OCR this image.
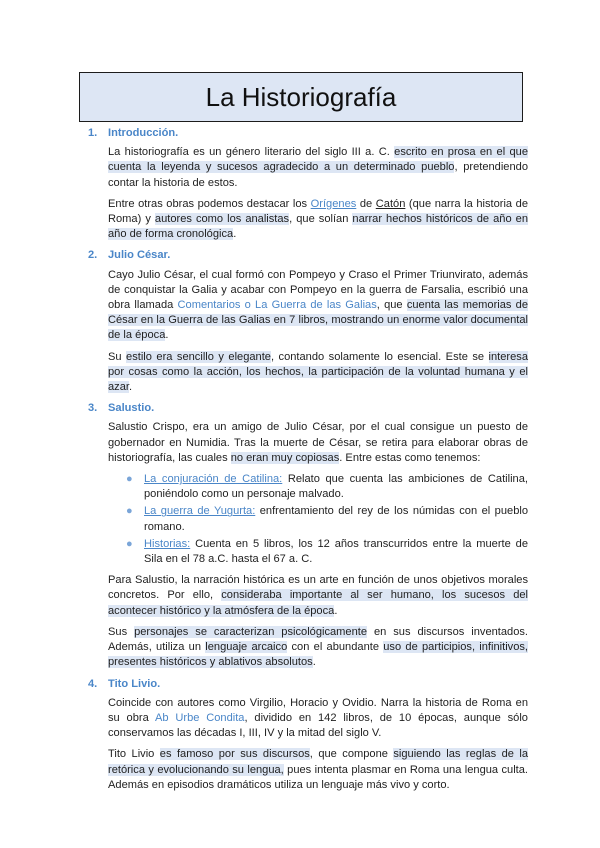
La Historiografía
1. Introducción.

La historiografía es un género literario del siglo III a. C. escrito en prosa en el que cuenta la leyenda y sucesos agradecido a un determinado pueblo, pretendiendo contar la historia de estos.

Entre otras obras podemos destacar los Orígenes de Catón (que narra la historia de Roma) y autores como los analistas, que solían narrar hechos históricos de año en año de forma cronológica.

2. Julio César.

Cayo Julio César, el cual formó con Pompeyo y Craso el Primer Triunvirato, además de conquistar la Galia y acabar con Pompeyo en la guerra de Farsalia, escribió una obra llamada Comentarios o La Guerra de las Galias, que cuenta las memorias de César en la Guerra de las Galias en 7 libros, mostrando un enorme valor documental de la época.

Su estilo era sencillo y elegante, contando solamente lo esencial. Este se interesa por cosas como la acción, los hechos, la participación de la voluntad humana y el azar.

3. Salustio.

Salustio Crispo, era un amigo de Julio César, por el cual consigue un puesto de gobernador en Numidia. Tras la muerte de César, se retira para elaborar obras de historiografía, las cuales no eran muy copiosas. Entre estas como tenemos:

● La conjuración de Catilina: Relato que cuenta las ambiciones de Catilina, poniéndolo como un personaje malvado.
● La guerra de Yugurta: enfrentamiento del rey de los númidas con el pueblo romano.
● Historias: Cuenta en 5 libros, los 12 años transcurridos entre la muerte de Sila en el 78 a.C. hasta el 67 a. C.

Para Salustio, la narración histórica es un arte en función de unos objetivos morales concretos. Por ello, consideraba importante al ser humano, los sucesos del acontecer histórico y la atmósfera de la época.

Sus personajes se caracterizan psicológicamente en sus discursos inventados. Además, utiliza un lenguaje arcaico con el abundante uso de participios, infinitivos, presentes históricos y ablativos absolutos.

4. Tito Livio.

Coincide con autores como Virgilio, Horacio y Ovidio. Narra la historia de Roma en su obra Ab Urbe Condita, dividido en 142 libros, de 10 épocas, aunque sólo conservamos las décadas I, III, IV y la mitad del siglo V.

Tito Livio es famoso por sus discursos, que compone siguiendo las reglas de la retórica y evolucionando su lengua, pues intenta plasmar en Roma una lengua culta. Además en episodios dramáticos utiliza un lenguaje más vivo y corto.
